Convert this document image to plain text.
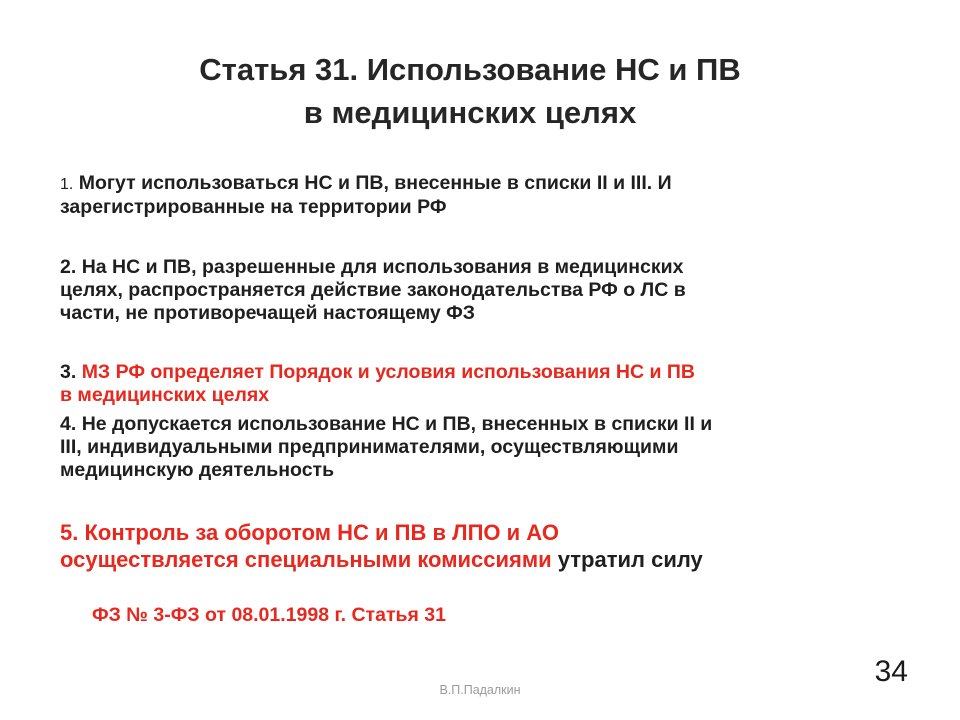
Статья 31. Использование НС и ПВ
в медицинских целях
1. Могут использоваться НС и ПВ, внесенные в списки II и III. И
зарегистрированные на территории РФ
2. На НС и ПВ, разрешенные для использования в медицинских
целях, распространяется действие законодательства РФ о ЛС в
части, не противоречащей настоящему ФЗ
3. МЗ РФ определяет Порядок и условия использования НС и ПВ
в медицинских целях
4. Не допускается использование НС и ПВ, внесенных в списки II и
III, индивидуальными предпринимателями, осуществляющими
медицинскую деятельность
5. Контроль за оборотом НС и ПВ в ЛПО и АО
осуществляется специальными комиссиями утратил силу
ФЗ № 3-ФЗ от 08.01.1998 г. Статья 31
34
В.П.Падалкин
